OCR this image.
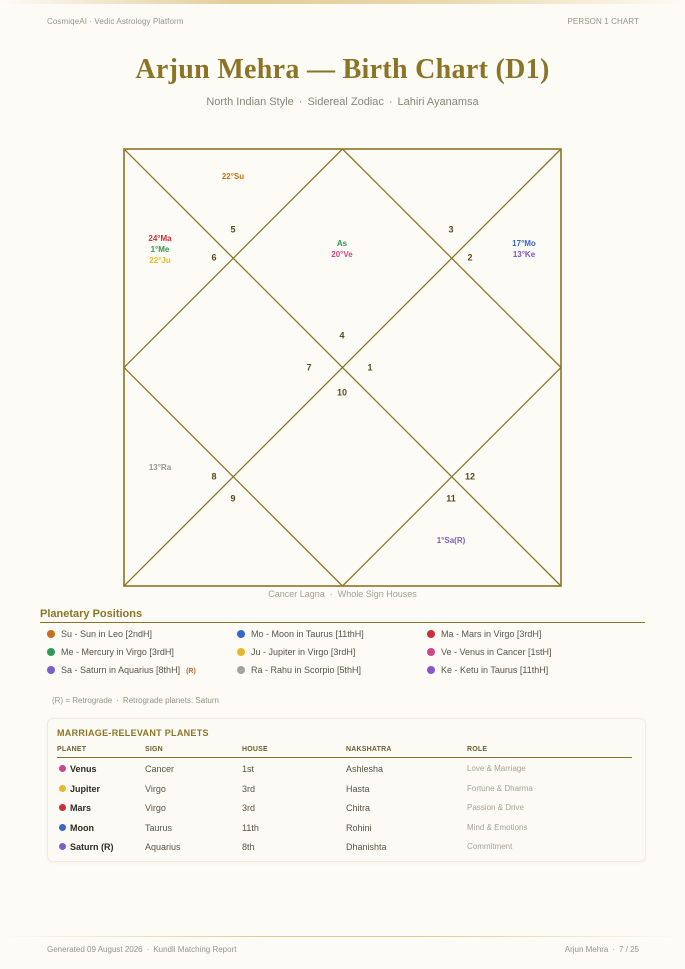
CosmiqeAI · Vedic Astrology Platform	PERSON 1 CHART
Arjun Mehra — Birth Chart (D1)
North Indian Style · Sidereal Zodiac · Lahiri Ayanamsa
1
2
3
4
5
6
7
8
9
10
11
12
22°Su
24°Ma
1°Me
22°Ju
As
20°Ve
17°Mo
13°Ke
13°Ra
1°Sa(R)
Cancer Lagna · Whole Sign Houses
Planetary Positions
Su - Sun in Leo [2ndH]	Mo - Moon in Taurus [11thH]	Ma - Mars in Virgo [3rdH]
Me - Mercury in Virgo [3rdH]	Ju - Jupiter in Virgo [3rdH]	Ve - Venus in Cancer [1stH]
Sa - Saturn in Aquarius [8thH] (R)	Ra - Rahu in Scorpio [5thH]	Ke - Ketu in Taurus [11thH]
(R) = Retrograde · Retrograde planets: Saturn
MARRIAGE-RELEVANT PLANETS
PLANET	SIGN	HOUSE	NAKSHATRA	ROLE
Venus	Cancer	1st	Ashlesha	Love & Marriage
Jupiter	Virgo	3rd	Hasta	Fortune & Dharma
Mars	Virgo	3rd	Chitra	Passion & Drive
Moon	Taurus	11th	Rohini	Mind & Emotions
Saturn (R)	Aquarius	8th	Dhanishta	Commitment
Generated 09 August 2026 · Kundli Matching Report	Arjun Mehra · 7 / 25
